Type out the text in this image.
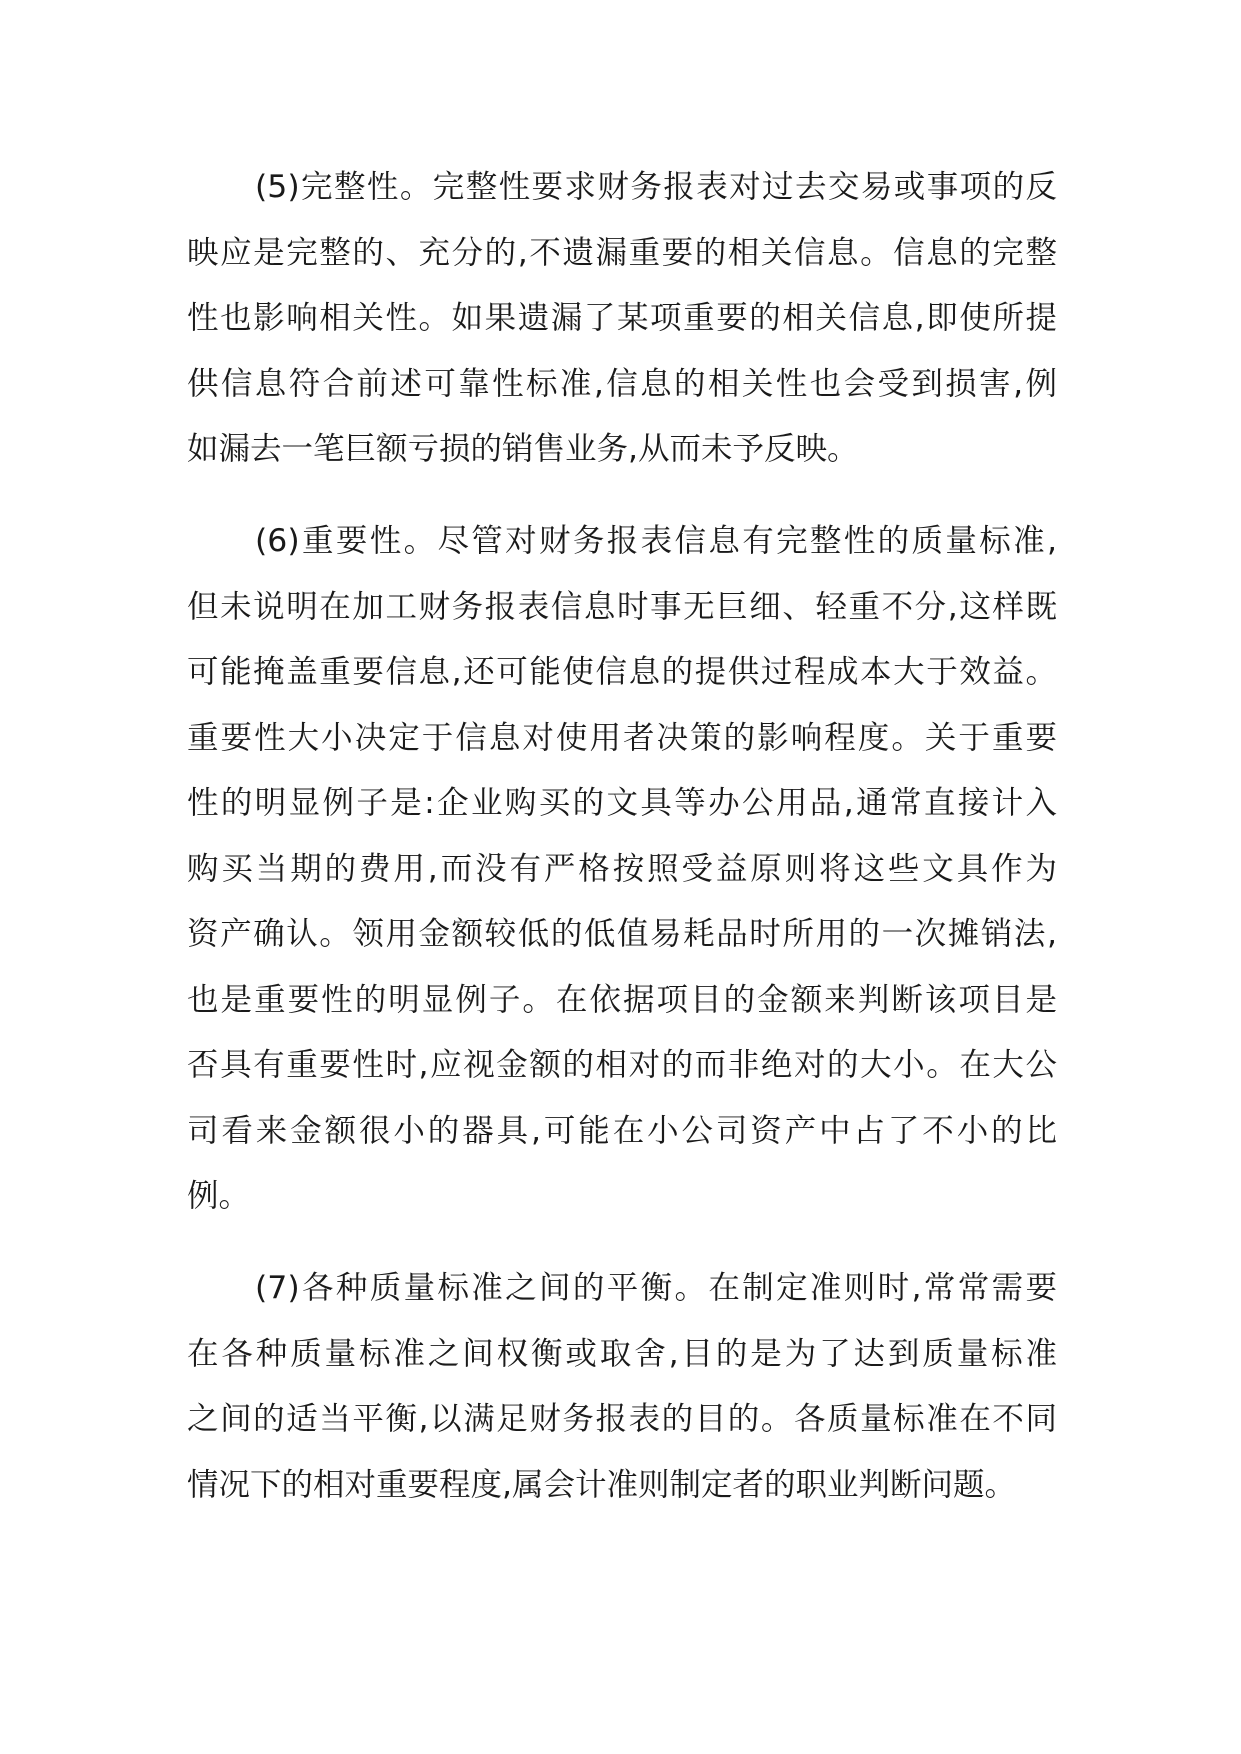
(5)完整性。完整性要求财务报表对过去交易或事项的反
映应是完整的、充分的,不遗漏重要的相关信息。信息的完整
性也影响相关性。如果遗漏了某项重要的相关信息,即使所提
供信息符合前述可靠性标准,信息的相关性也会受到损害,例
如漏去一笔巨额亏损的销售业务,从而未予反映。

(6)重要性。尽管对财务报表信息有完整性的质量标准,
但未说明在加工财务报表信息时事无巨细、轻重不分,这样既
可能掩盖重要信息,还可能使信息的提供过程成本大于效益。
重要性大小决定于信息对使用者决策的影响程度。关于重要
性的明显例子是:企业购买的文具等办公用品,通常直接计入
购买当期的费用,而没有严格按照受益原则将这些文具作为
资产确认。领用金额较低的低值易耗品时所用的一次摊销法,
也是重要性的明显例子。在依据项目的金额来判断该项目是
否具有重要性时,应视金额的相对的而非绝对的大小。在大公
司看来金额很小的器具,可能在小公司资产中占了不小的比
例。

(7)各种质量标准之间的平衡。在制定准则时,常常需要
在各种质量标准之间权衡或取舍,目的是为了达到质量标准
之间的适当平衡,以满足财务报表的目的。各质量标准在不同
情况下的相对重要程度,属会计准则制定者的职业判断问题。
